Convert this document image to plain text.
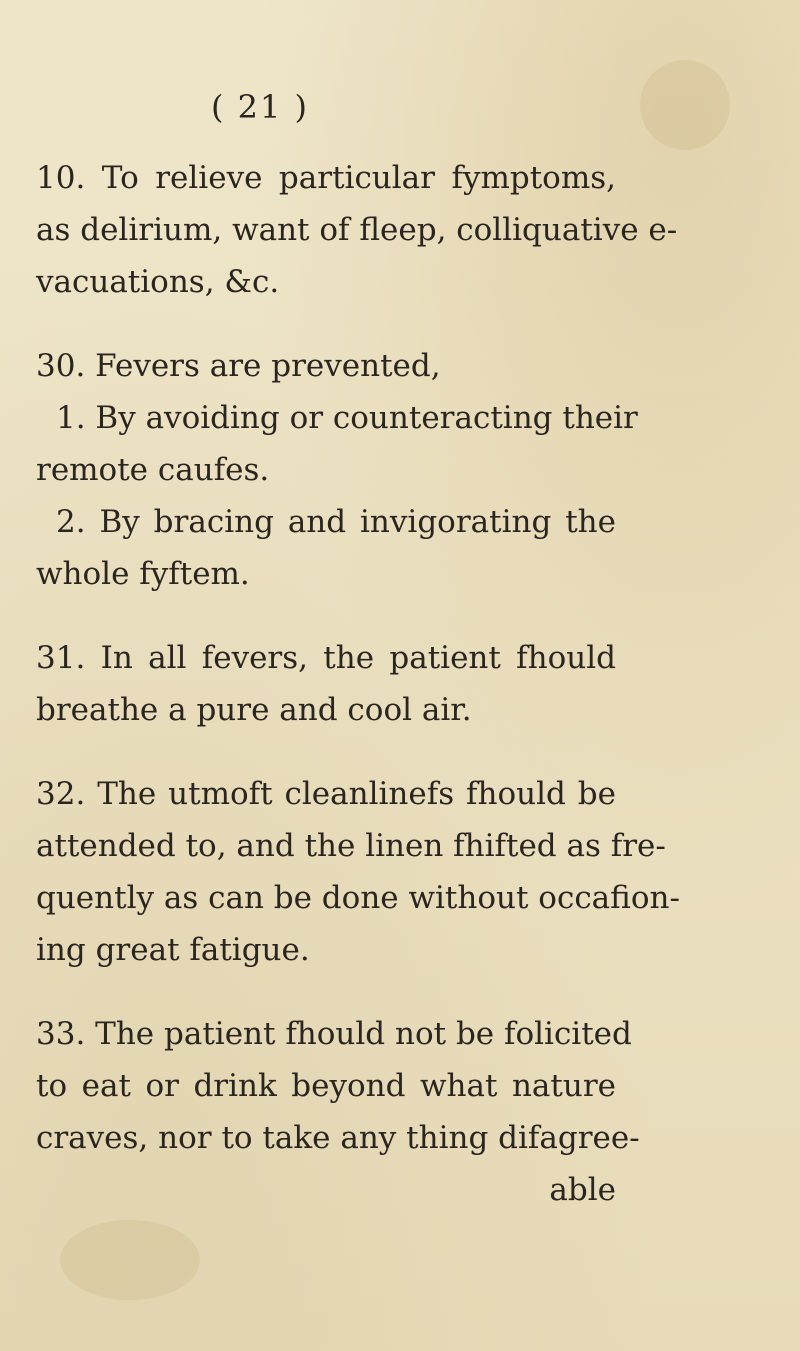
( 21 )
10. To relieve particular fymptoms,
as delirium, want of fleep, colliquative e-
vacuations, &c.
30. Fevers are prevented,
1. By avoiding or counteracting their
remote caufes.
2. By bracing and invigorating the
whole fyftem.
31. In all fevers, the patient fhould
breathe a pure and cool air.
32. The utmoft cleanlinefs fhould be
attended to, and the linen fhifted as fre-
quently as can be done without occafion-
ing great fatigue.
33. The patient fhould not be folicited
to eat or drink beyond what nature
craves, nor to take any thing difagree-
able
